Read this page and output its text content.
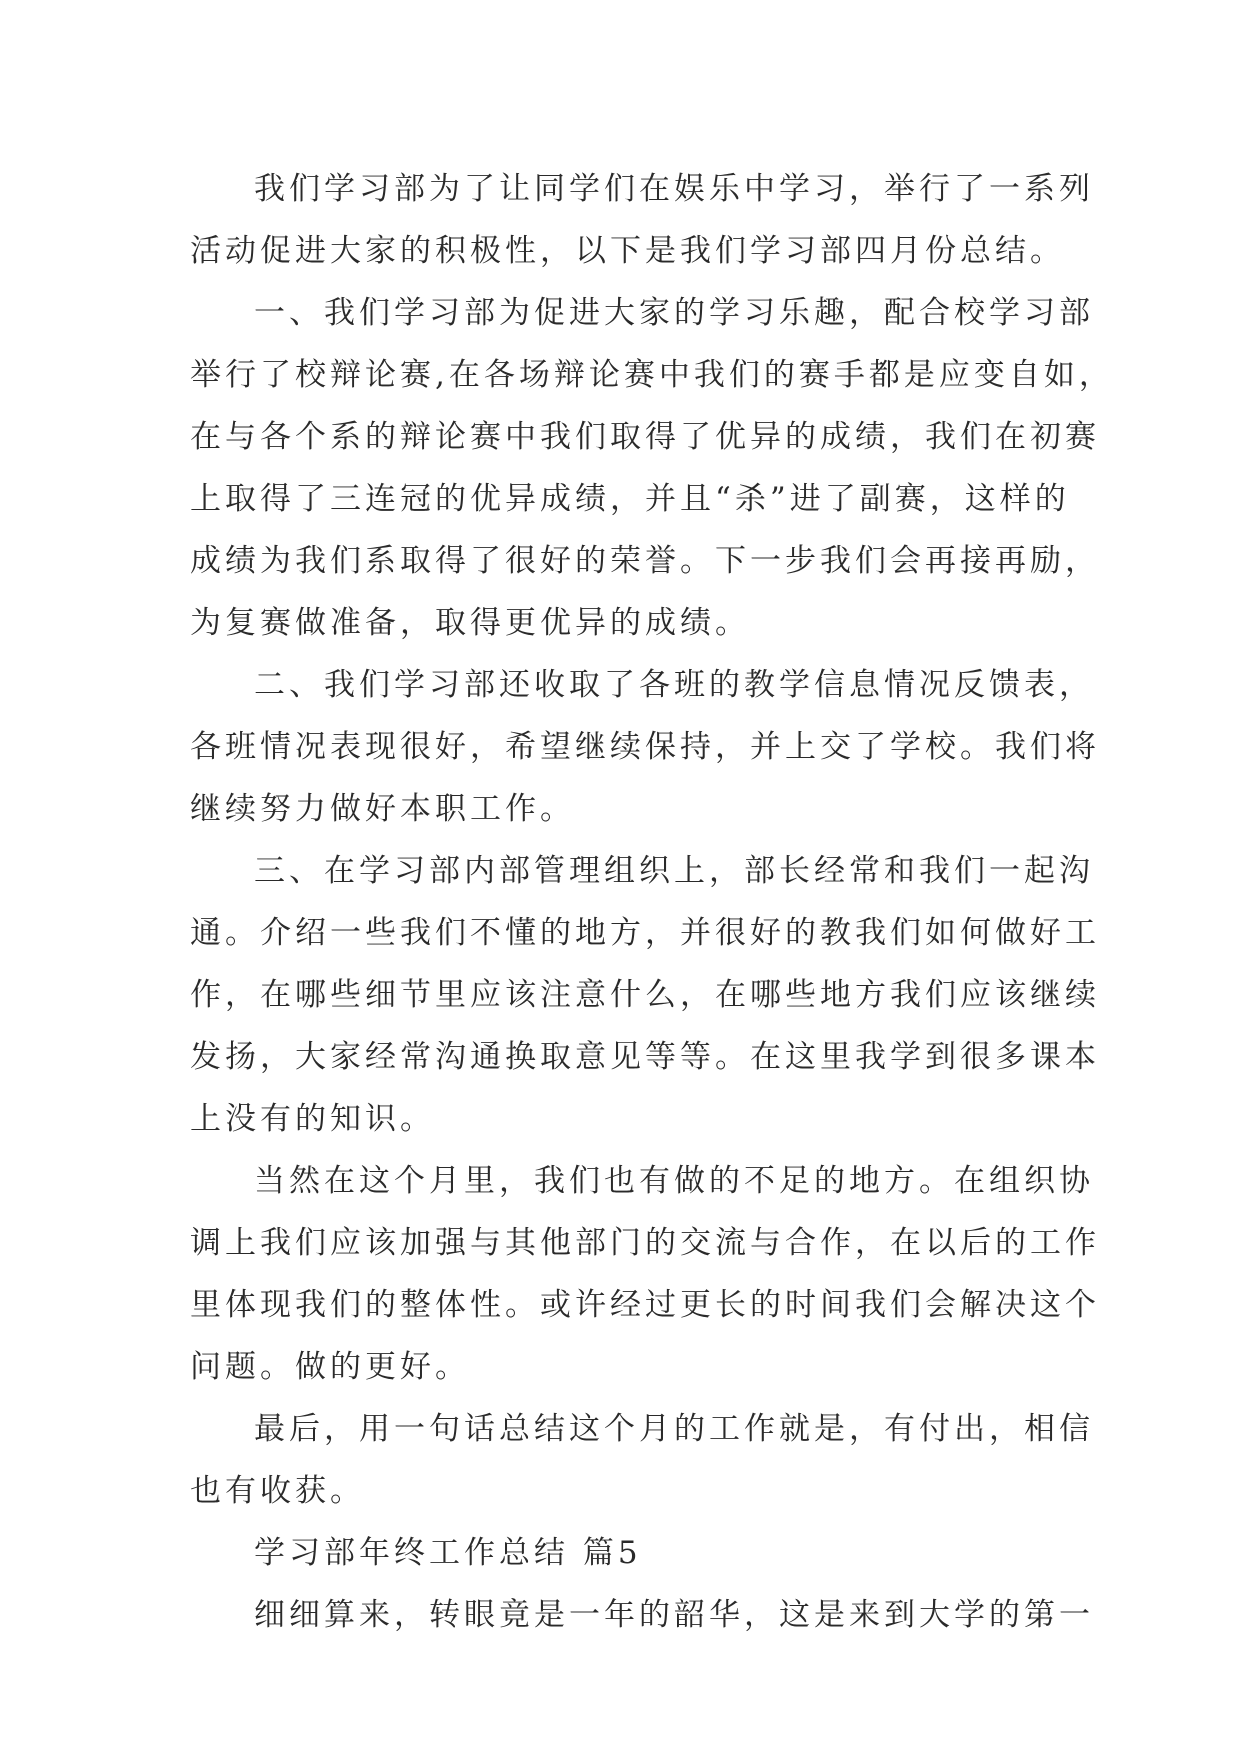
我们学习部为了让同学们在娱乐中学习，举行了一系列
活动促进大家的积极性，以下是我们学习部四月份总结。
一、我们学习部为促进大家的学习乐趣，配合校学习部
举行了校辩论赛,在各场辩论赛中我们的赛手都是应变自如，
在与各个系的辩论赛中我们取得了优异的成绩，我们在初赛
上取得了三连冠的优异成绩，并且“杀”进了副赛，这样的
成绩为我们系取得了很好的荣誉。下一步我们会再接再励，
为复赛做准备，取得更优异的成绩。
二、我们学习部还收取了各班的教学信息情况反馈表，
各班情况表现很好，希望继续保持，并上交了学校。我们将
继续努力做好本职工作。
三、在学习部内部管理组织上，部长经常和我们一起沟
通。介绍一些我们不懂的地方，并很好的教我们如何做好工
作，在哪些细节里应该注意什么，在哪些地方我们应该继续
发扬，大家经常沟通换取意见等等。在这里我学到很多课本
上没有的知识。
当然在这个月里，我们也有做的不足的地方。在组织协
调上我们应该加强与其他部门的交流与合作，在以后的工作
里体现我们的整体性。或许经过更长的时间我们会解决这个
问题。做的更好。
最后，用一句话总结这个月的工作就是，有付出，相信
也有收获。
学习部年终工作总结 篇5
细细算来，转眼竟是一年的韶华，这是来到大学的第一
